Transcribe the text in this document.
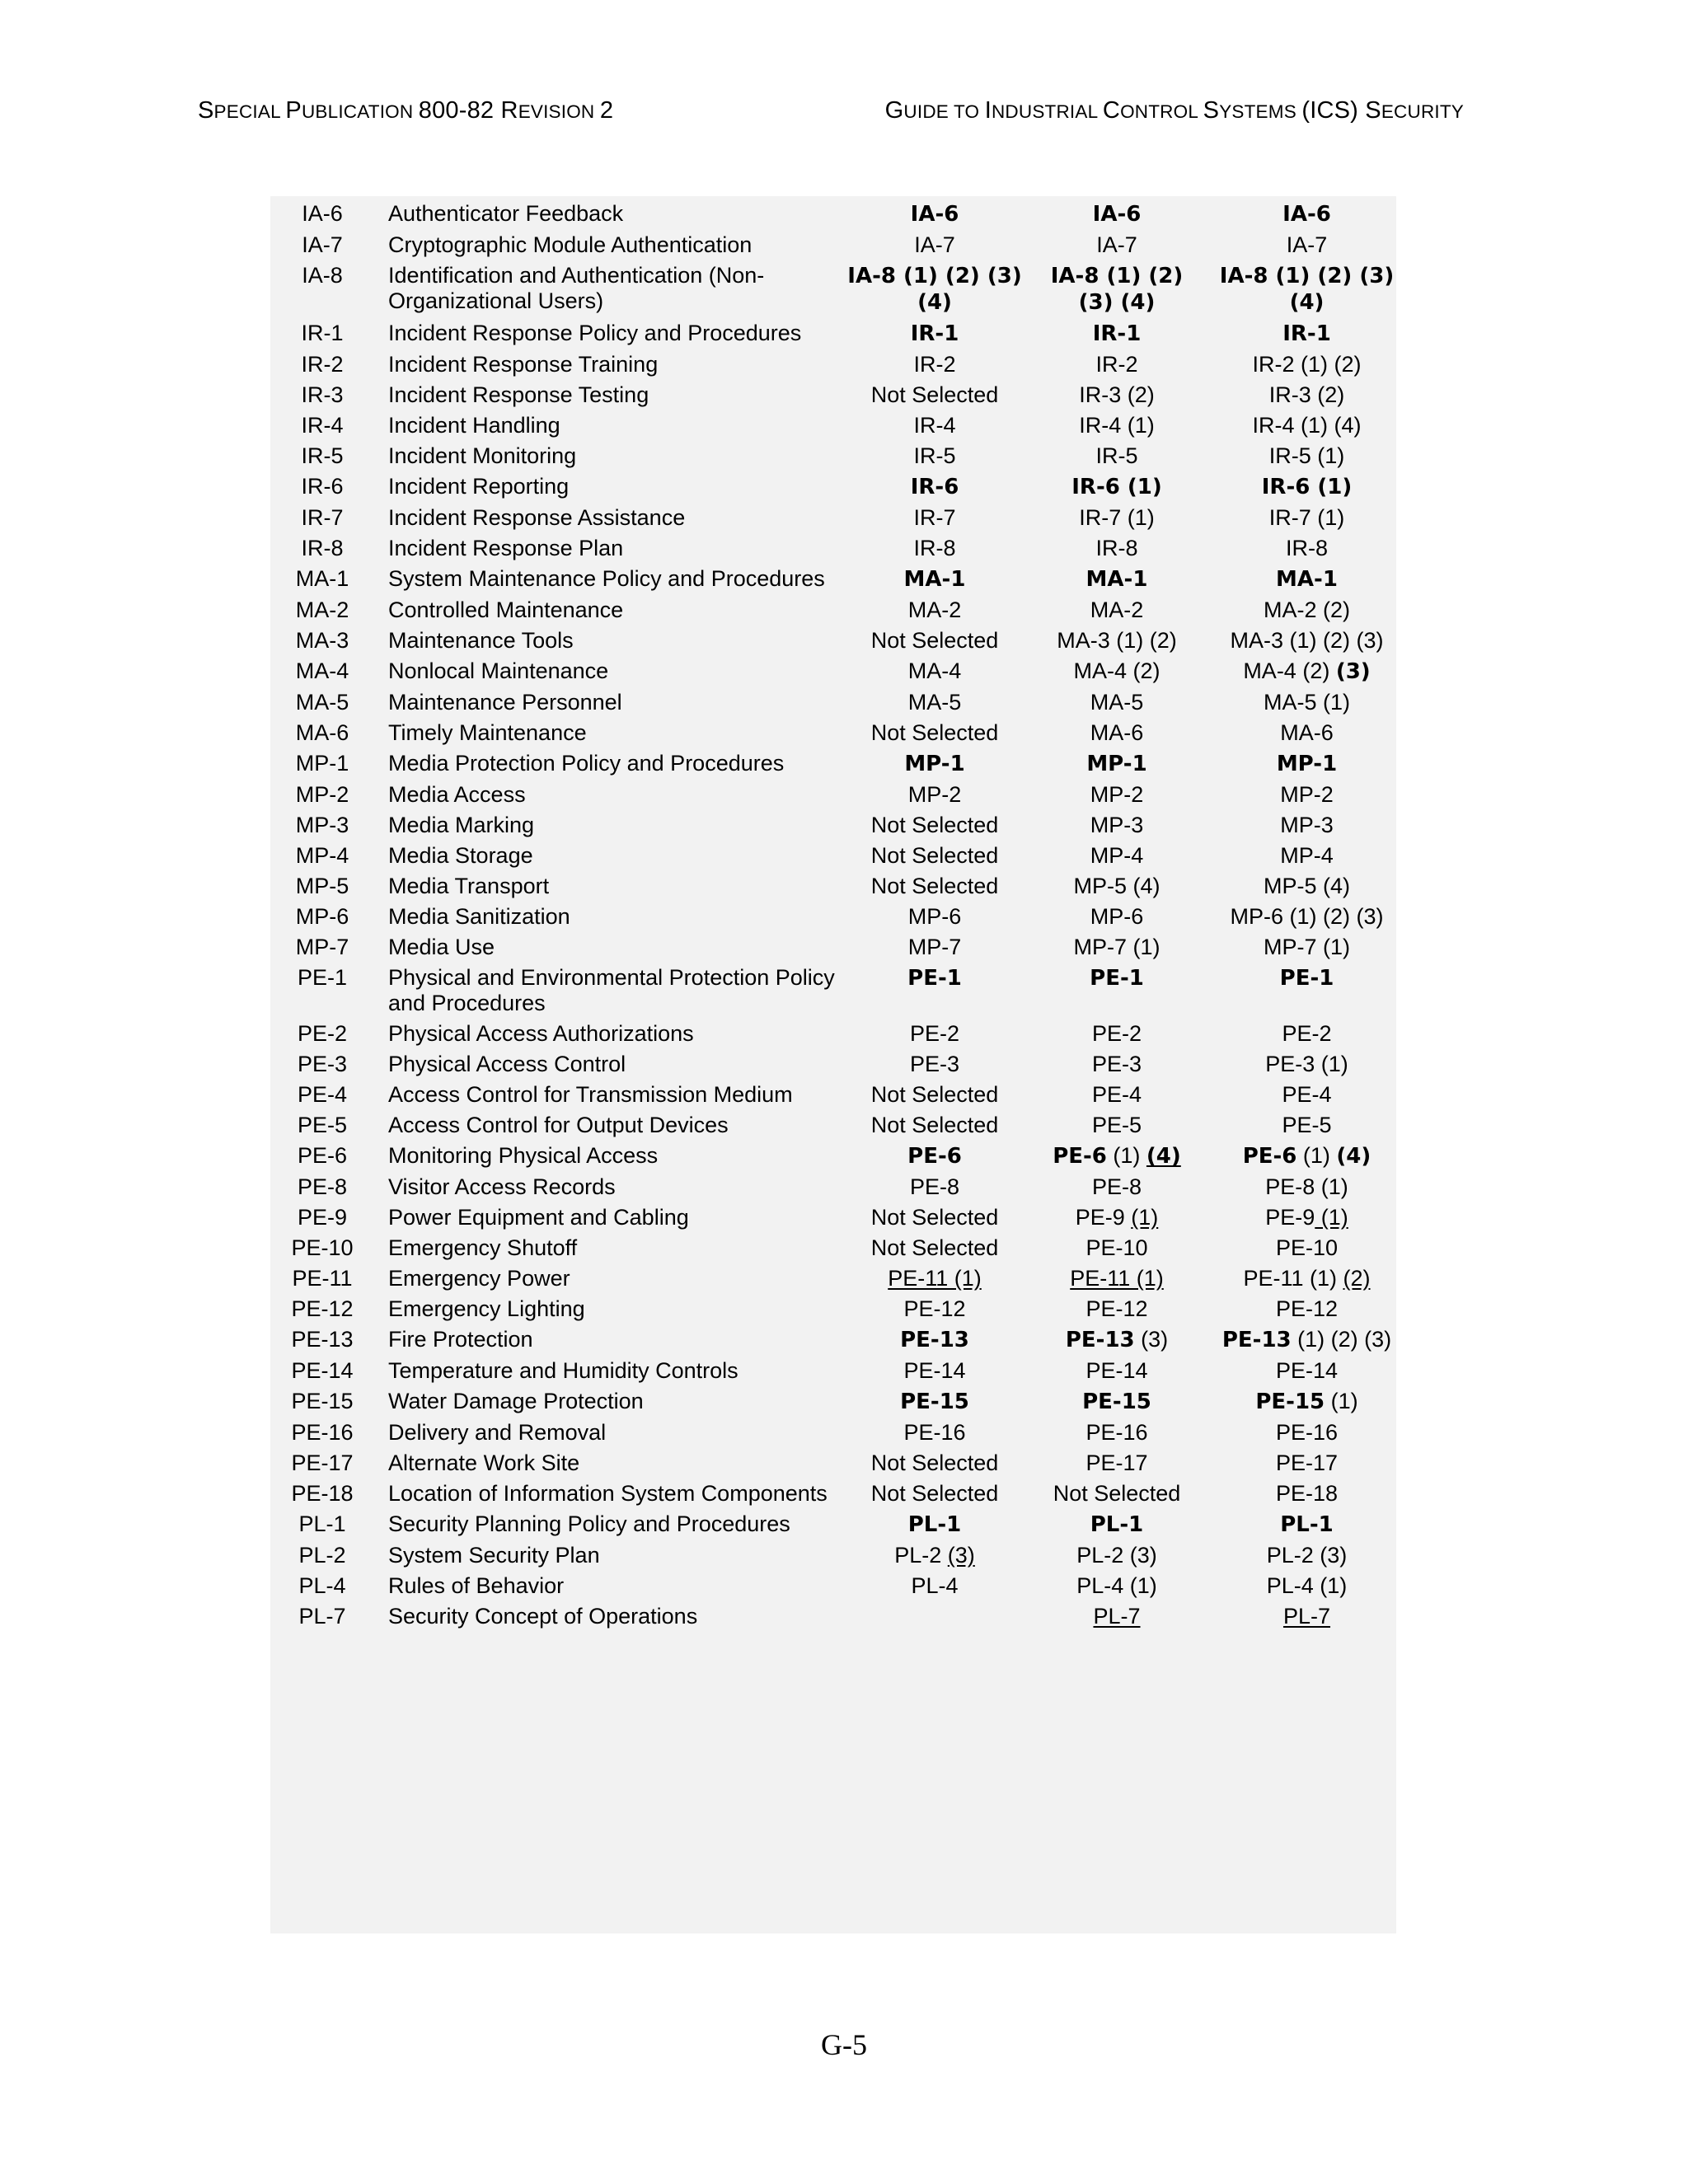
SPECIAL PUBLICATION 800-82 REVISION 2	GUIDE TO INDUSTRIAL CONTROL SYSTEMS (ICS) SECURITY
IA-6	Authenticator Feedback	IA-6	IA-6	IA-6
IA-7	Cryptographic Module Authentication	IA-7	IA-7	IA-7
IA-8	Identification and Authentication (Non-Organizational Users)	IA-8 (1) (2) (3) (4)	IA-8 (1) (2) (3) (4)	IA-8 (1) (2) (3) (4)
IR-1	Incident Response Policy and Procedures	IR-1	IR-1	IR-1
IR-2	Incident Response Training	IR-2	IR-2	IR-2 (1) (2)
IR-3	Incident Response Testing	Not Selected	IR-3 (2)	IR-3 (2)
IR-4	Incident Handling	IR-4	IR-4 (1)	IR-4 (1) (4)
IR-5	Incident Monitoring	IR-5	IR-5	IR-5 (1)
IR-6	Incident Reporting	IR-6	IR-6 (1)	IR-6 (1)
IR-7	Incident Response Assistance	IR-7	IR-7 (1)	IR-7 (1)
IR-8	Incident Response Plan	IR-8	IR-8	IR-8
MA-1	System Maintenance Policy and Procedures	MA-1	MA-1	MA-1
MA-2	Controlled Maintenance	MA-2	MA-2	MA-2 (2)
MA-3	Maintenance Tools	Not Selected	MA-3 (1) (2)	MA-3 (1) (2) (3)
MA-4	Nonlocal Maintenance	MA-4	MA-4 (2)	MA-4 (2) (3)
MA-5	Maintenance Personnel	MA-5	MA-5	MA-5 (1)
MA-6	Timely Maintenance	Not Selected	MA-6	MA-6
MP-1	Media Protection Policy and Procedures	MP-1	MP-1	MP-1
MP-2	Media Access	MP-2	MP-2	MP-2
MP-3	Media Marking	Not Selected	MP-3	MP-3
MP-4	Media Storage	Not Selected	MP-4	MP-4
MP-5	Media Transport	Not Selected	MP-5 (4)	MP-5 (4)
MP-6	Media Sanitization	MP-6	MP-6	MP-6 (1) (2) (3)
MP-7	Media Use	MP-7	MP-7 (1)	MP-7 (1)
PE-1	Physical and Environmental Protection Policy and Procedures	PE-1	PE-1	PE-1
PE-2	Physical Access Authorizations	PE-2	PE-2	PE-2
PE-3	Physical Access Control	PE-3	PE-3	PE-3 (1)
PE-4	Access Control for Transmission Medium	Not Selected	PE-4	PE-4
PE-5	Access Control for Output Devices	Not Selected	PE-5	PE-5
PE-6	Monitoring Physical Access	PE-6	PE-6 (1) (4)	PE-6 (1) (4)
PE-8	Visitor Access Records	PE-8	PE-8	PE-8 (1)
PE-9	Power Equipment and Cabling	Not Selected	PE-9 (1)	PE-9 (1)
PE-10	Emergency Shutoff	Not Selected	PE-10	PE-10
PE-11	Emergency Power	PE-11 (1)	PE-11 (1)	PE-11 (1) (2)
PE-12	Emergency Lighting	PE-12	PE-12	PE-12
PE-13	Fire Protection	PE-13	PE-13 (3)	PE-13 (1) (2) (3)
PE-14	Temperature and Humidity Controls	PE-14	PE-14	PE-14
PE-15	Water Damage Protection	PE-15	PE-15	PE-15 (1)
PE-16	Delivery and Removal	PE-16	PE-16	PE-16
PE-17	Alternate Work Site	Not Selected	PE-17	PE-17
PE-18	Location of Information System Components	Not Selected	Not Selected	PE-18
PL-1	Security Planning Policy and Procedures	PL-1	PL-1	PL-1
PL-2	System Security Plan	PL-2 (3)	PL-2 (3)	PL-2 (3)
PL-4	Rules of Behavior	PL-4	PL-4 (1)	PL-4 (1)
PL-7	Security Concept of Operations		PL-7	PL-7
G-5
